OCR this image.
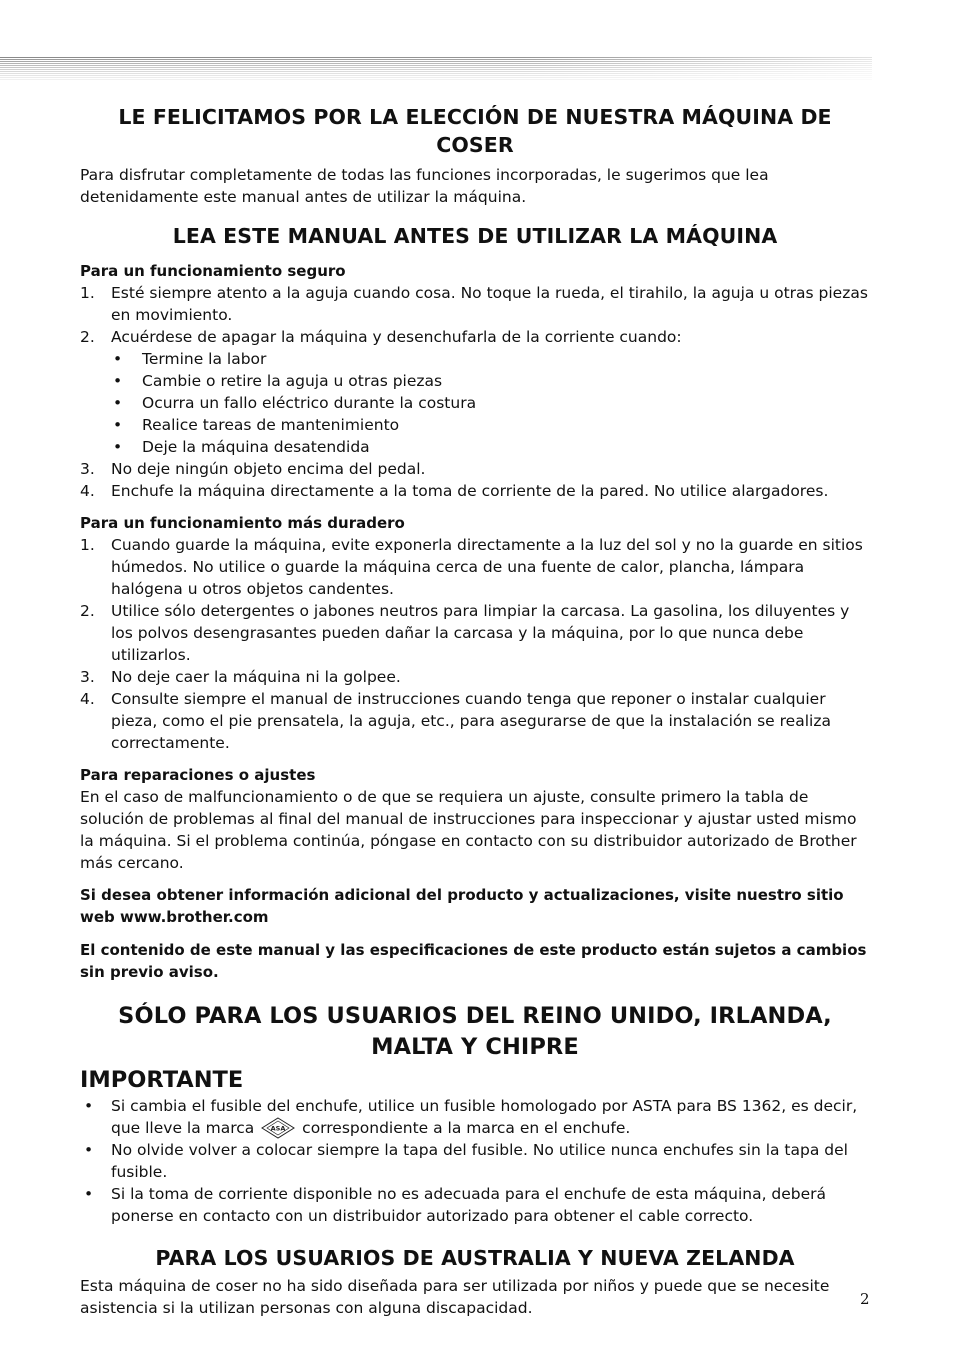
LE FELICITAMOS POR LA ELECCIÓN DE NUESTRA MÁQUINA DE COSER

Para disfrutar completamente de todas las funciones incorporadas, le sugerimos que lea detenidamente este manual antes de utilizar la máquina.

LEA ESTE MANUAL ANTES DE UTILIZAR LA MÁQUINA

Para un funcionamiento seguro

1. Esté siempre atento a la aguja cuando cosa. No toque la rueda, el tirahilo, la aguja u otras piezas en movimiento.
2. Acuérdese de apagar la máquina y desenchufarla de la corriente cuando:
• Termine la labor
• Cambie o retire la aguja u otras piezas
• Ocurra un fallo eléctrico durante la costura
• Realice tareas de mantenimiento
• Deje la máquina desatendida
3. No deje ningún objeto encima del pedal.
4. Enchufe la máquina directamente a la toma de corriente de la pared. No utilice alargadores.

Para un funcionamiento más duradero

1. Cuando guarde la máquina, evite exponerla directamente a la luz del sol y no la guarde en sitios húmedos. No utilice o guarde la máquina cerca de una fuente de calor, plancha, lámpara halógena u otros objetos candentes.
2. Utilice sólo detergentes o jabones neutros para limpiar la carcasa. La gasolina, los diluyentes y los polvos desengrasantes pueden dañar la carcasa y la máquina, por lo que nunca debe utilizarlos.
3. No deje caer la máquina ni la golpee.
4. Consulte siempre el manual de instrucciones cuando tenga que reponer o instalar cualquier pieza, como el pie prensatela, la aguja, etc., para asegurarse de que la instalación se realiza correctamente.

Para reparaciones o ajustes

En el caso de malfuncionamiento o de que se requiera un ajuste, consulte primero la tabla de solución de problemas al final del manual de instrucciones para inspeccionar y ajustar usted mismo la máquina. Si el problema continúa, póngase en contacto con su distribuidor autorizado de Brother más cercano.

Si desea obtener información adicional del producto y actualizaciones, visite nuestro sitio web www.brother.com

El contenido de este manual y las especificaciones de este producto están sujetos a cambios sin previo aviso.

SÓLO PARA LOS USUARIOS DEL REINO UNIDO, IRLANDA,
MALTA Y CHIPRE

IMPORTANTE

• Si cambia el fusible del enchufe, utilice un fusible homologado por ASTA para BS 1362, es decir, que lleve la marca	ASA correspondiente a la marca en el enchufe.
• No olvide volver a colocar siempre la tapa del fusible. No utilice nunca enchufes sin la tapa del fusible.
• Si la toma de corriente disponible no es adecuada para el enchufe de esta máquina, deberá ponerse en contacto con un distribuidor autorizado para obtener el cable correcto.
PARA LOS USUARIOS DE AUSTRALIA Y NUEVA ZELANDA

Esta máquina de coser no ha sido diseñada para ser utilizada por niños y puede que se necesite asistencia si la utilizan personas con alguna discapacidad.	2
